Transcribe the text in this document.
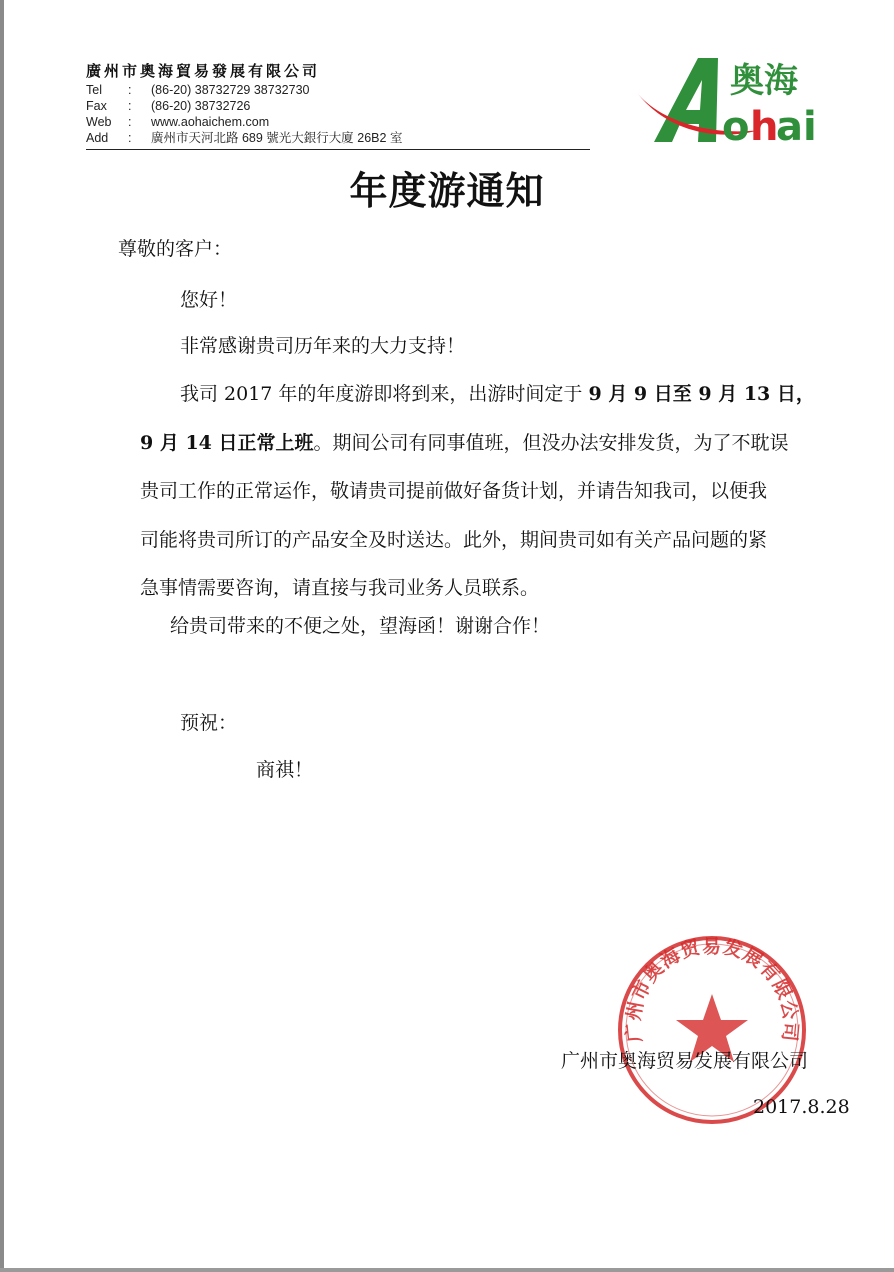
廣州市奧海貿易發展有限公司
Tel	:	(86-20) 38732729 38732730
Fax	:	(86-20) 38732726
Web	:	www.aohaichem.com
Add	:	廣州市天河北路 689 號光大銀行大廈 26B2 室
奥海
o h
ai
年度游通知
尊敬的客户：
您好！
非常感谢贵司历年来的大力支持！
我司 2017 年的年度游即将到来，出游时间定于 9 月 9 日至 9 月 13 日，
9 月 14 日正常上班。期间公司有同事值班，但没办法安排发货，为了不耽误
贵司工作的正常运作，敬请贵司提前做好备货计划，并请告知我司，以便我
司能将贵司所订的产品安全及时送达。此外，期间贵司如有关产品问题的紧
急事情需要咨询，请直接与我司业务人员联系。
给贵司带来的不便之处，望海函！谢谢合作！
预祝：
商祺！
广州市奥海贸易发展有限公司
广州市奥海贸易发展有限公司
2017.8.28
